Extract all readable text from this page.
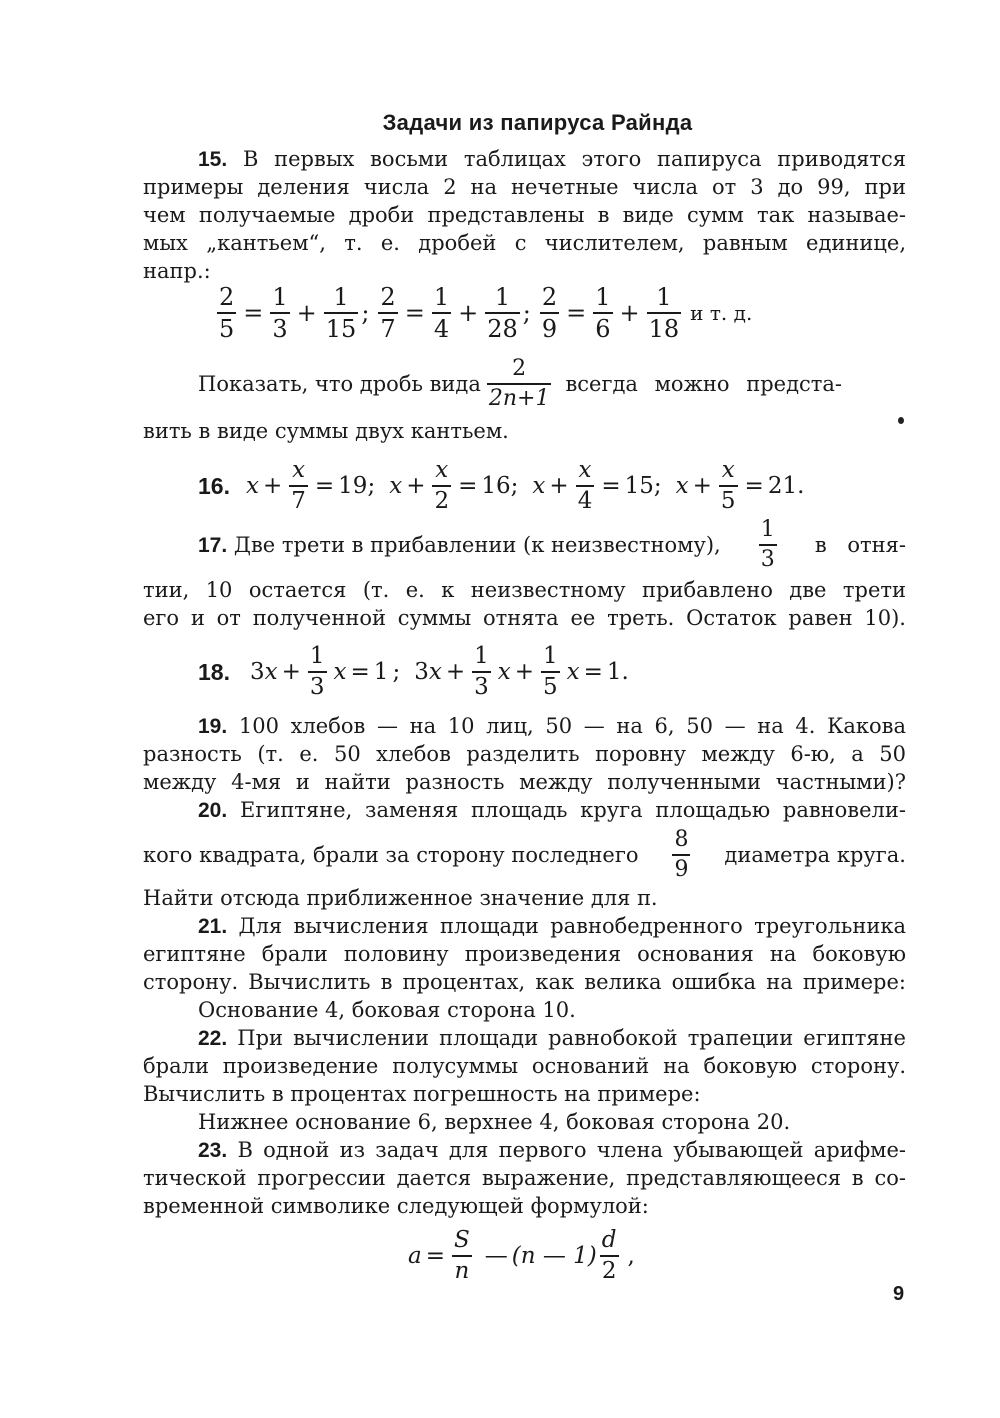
Задачи из папируса Райнда
15. В первых восьми таблицах этого папируса приводятся
примеры деления числа 2 на нечетные числа от 3 до 99, при
чем получаемые дроби представлены в виде сумм так называе-
мых „кантьем“, т. е. дробей с числителем, равным единице,
напр.:
$\frac{2}{5} = \frac{1}{3} + \frac{1}{15}$ ; $\frac{2}{7} = \frac{1}{4} + \frac{1}{28}$ ; $\frac{2}{9} = \frac{1}{6} + \frac{1}{18}$ и т. д.
Показать, что дробь вида $\frac{2}{2n+1}$ всегда можно предста-
вить в виде суммы двух кантьем.
16. $x + \frac{x}{7} = 19$ ; $x + \frac{x}{2} = 16$ ; $x + \frac{x}{4} = 15$ ; $x + \frac{x}{5} = 21$ .
17. Две трети в прибавлении (к неизвестному), $\frac{1}{3}$ в отня-
тии, 10 остается (т. е. к неизвестному прибавлено две трети
его и от полученной суммы отнята ее треть. Остаток равен 10).
18. 3 $x + \frac{1}{3}$ x = 1 ; 3 $x + \frac{1}{3}$ $x + \frac{1}{5}$ x = 1 .
19. 100 хлебов — на 10 лиц, 50 — на 6, 50 — на 4. Какова
разность (т. е. 50 хлебов разделить поровну между 6-ю, а 50
между 4-мя и найти разность между полученными частными)?
20. Египтяне, заменяя площадь круга площадью равновели-
кого квадрата, брали за сторону последнего $\frac{8}{9}$ диаметра круга.
Найти отсюда приближенное значение для π.
21. Для вычисления площади равнобедренного треугольника
египтяне брали половину произведения основания на боковую
сторону. Вычислить в процентах, как велика ошибка на примере:
Основание 4, боковая сторона 10.
22. При вычислении площади равнобокой трапеции египтяне
брали произведение полусуммы оснований на боковую сторону.
Вычислить в процентах погрешность на примере:
Нижнее основание 6, верхнее 4, боковая сторона 20.
23. В одной из задач для первого члена убывающей арифме-
тической прогрессии дается выражение, представляющееся в со-
временной символике следующей формулой:
$a = \frac{S}{n}$ — (n — $1) \frac{d}{2}$ ,
9
